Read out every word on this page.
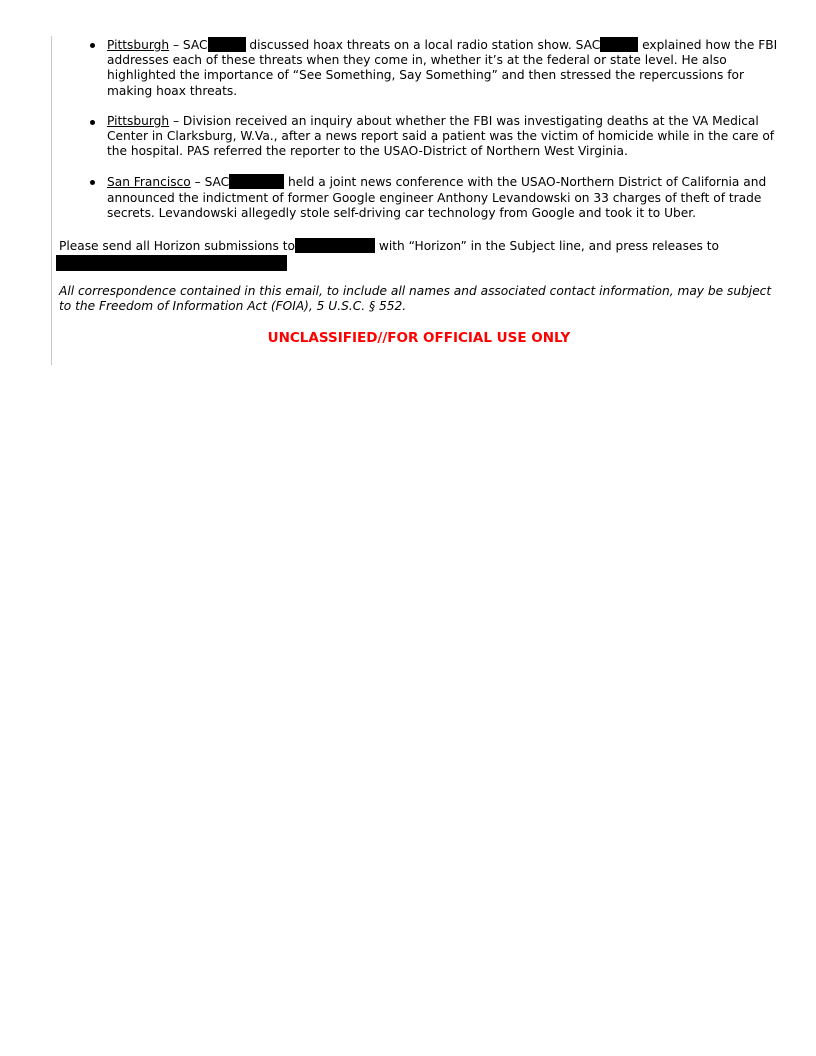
Pittsburgh – SAC	discussed hoax threats on a local radio station show. SAC	explained how the FBI addresses each of these threats when they come in, whether it’s at the federal or state level. He also highlighted the importance of “See Something, Say Something” and then stressed the repercussions for making hoax threats.
Pittsburgh – Division received an inquiry about whether the FBI was investigating deaths at the VA Medical Center in Clarksburg, W.Va., after a news report said a patient was the victim of homicide while in the care of the hospital. PAS referred the reporter to the USAO-District of Northern West Virginia.
San Francisco – SAC	held a joint news conference with the USAO-Northern District of California and announced the indictment of former Google engineer Anthony Levandowski on 33 charges of theft of trade secrets. Levandowski allegedly stole self-driving car technology from Google and took it to Uber.

Please send all Horizon submissions to	with “Horizon” in the Subject line, and press releases to

All correspondence contained in this email, to include all names and associated contact information, may be subject to the Freedom of Information Act (FOIA), 5 U.S.C. § 552.

UNCLASSIFIED//FOR OFFICIAL USE ONLY
